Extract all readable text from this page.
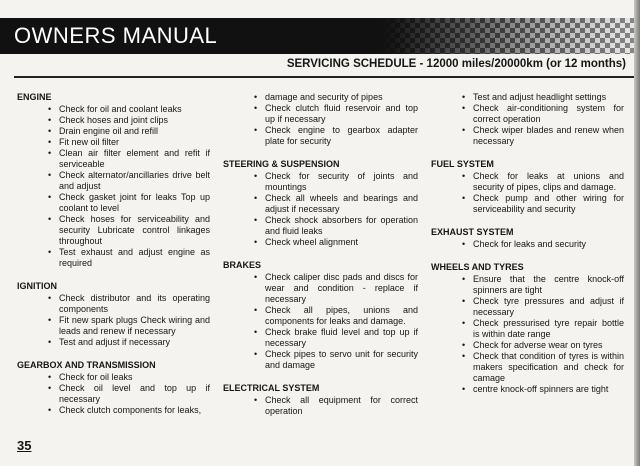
OWNERS MANUAL
SERVICING SCHEDULE - 12000 miles/20000km (or 12 months)
ENGINE
• Check for oil and coolant leaks
• Check hoses and joint clips
• Drain engine oil and refill
• Fit new oil filter
• Clean air filter element and refit if serviceable
• Check alternator/ancillaries drive belt and adjust
• Check gasket joint for leaks Top up coolant to level
• Check hoses for serviceability and security Lubricate control linkages throughout
• Test exhaust and adjust engine as required
IGNITION
• Check distributor and its operating components
• Fit new spark plugs Check wiring and leads and renew if necessary
• Test and adjust if necessary
GEARBOX AND TRANSMISSION
• Check for oil leaks
• Check oil level and top up if necessary
• Check clutch components for leaks,
• damage and security of pipes
• Check clutch fluid reservoir and top up if necessary
• Check engine to gearbox adapter plate for security
STEERING & SUSPENSION
• Check for security of joints and mountings
• Check all wheels and bearings and adjust if necessary
• Check shock absorbers for operation and fluid leaks
• Check wheel alignment
BRAKES
• Check caliper disc pads and discs for wear and condition - replace if necessary
• Check all pipes, unions and components for leaks and damage.
• Check brake fluid level and top up if necessary
• Check pipes to servo unit for security and damage
ELECTRICAL SYSTEM
• Check all equipment for correct operation
• Test and adjust headlight settings
• Check air-conditioning system for correct operation
• Check wiper blades and renew when necessary
FUEL SYSTEM
• Check for leaks at unions and security of pipes, clips and damage.
• Check pump and other wiring for serviceability and security
EXHAUST SYSTEM
• Check for leaks and security
WHEELS AND TYRES
• Ensure that the centre knock-off spinners are tight
• Check tyre pressures and adjust if necessary
• Check pressurised tyre repair bottle is within date range
• Check for adverse wear on tyres
• Check that condition of tyres is within makers specification and check for camage
• centre knock-off spinners are tight
35
